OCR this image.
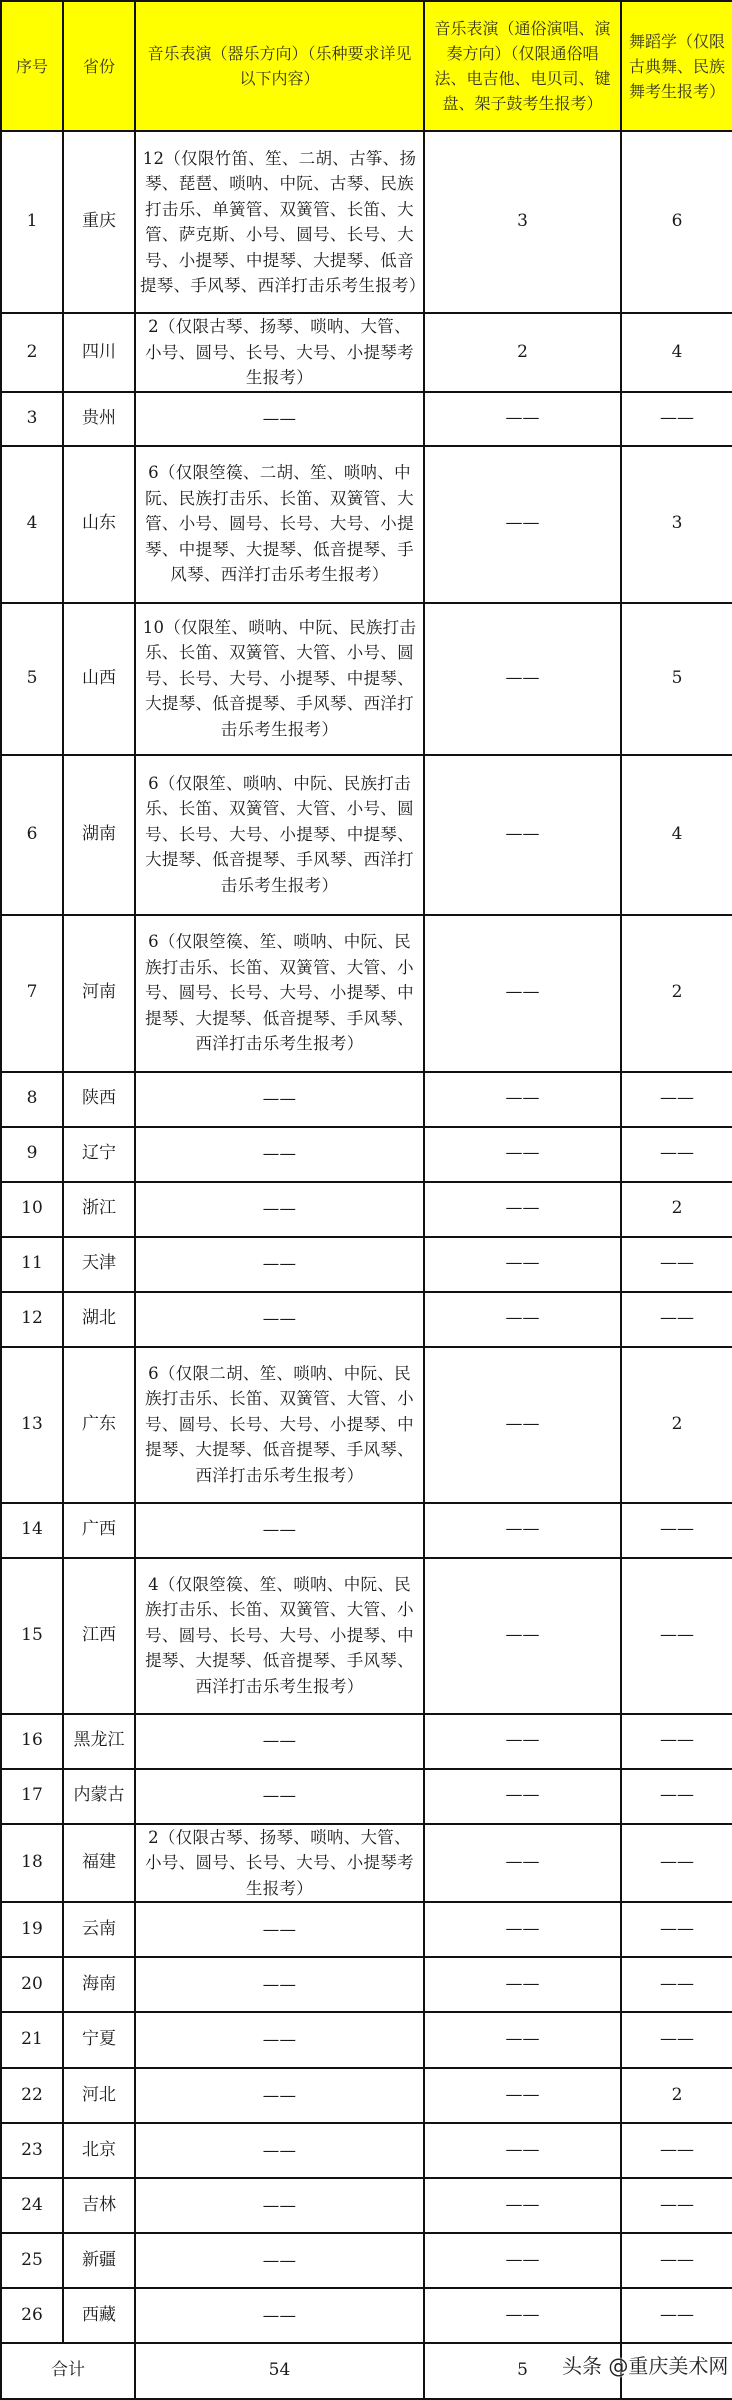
序号	省份	音乐表演（器乐方向）（乐种要求详见以下内容）	音乐表演（通俗演唱、演奏方向）（仅限通俗唱法、电吉他、电贝司、键盘、架子鼓考生报考）	舞蹈学（仅限古典舞、民族舞考生报考）
1	重庆	12（仅限竹笛、笙、二胡、古筝、扬琴、琵琶、唢呐、中阮、古琴、民族打击乐、单簧管、双簧管、长笛、大管、萨克斯、小号、圆号、长号、大号、小提琴、中提琴、大提琴、低音提琴、手风琴、西洋打击乐考生报考）	3	6
2	四川	2（仅限古琴、扬琴、唢呐、大管、小号、圆号、长号、大号、小提琴考生报考）	2	4
3	贵州	——	——	——
4	山东	6（仅限箜篌、二胡、笙、唢呐、中阮、民族打击乐、长笛、双簧管、大管、小号、圆号、长号、大号、小提琴、中提琴、大提琴、低音提琴、手风琴、西洋打击乐考生报考）	——	3
5	山西	10（仅限笙、唢呐、中阮、民族打击乐、长笛、双簧管、大管、小号、圆号、长号、大号、小提琴、中提琴、大提琴、低音提琴、手风琴、西洋打击乐考生报考）	——	5
6	湖南	6（仅限笙、唢呐、中阮、民族打击乐、长笛、双簧管、大管、小号、圆号、长号、大号、小提琴、中提琴、大提琴、低音提琴、手风琴、西洋打击乐考生报考）	——	4
7	河南	6（仅限箜篌、笙、唢呐、中阮、民族打击乐、长笛、双簧管、大管、小号、圆号、长号、大号、小提琴、中提琴、大提琴、低音提琴、手风琴、西洋打击乐考生报考）	——	2
8	陕西	——	——	——
9	辽宁	——	——	——
10	浙江	——	——	2
11	天津	——	——	——
12	湖北	——	——	——
13	广东	6（仅限二胡、笙、唢呐、中阮、民族打击乐、长笛、双簧管、大管、小号、圆号、长号、大号、小提琴、中提琴、大提琴、低音提琴、手风琴、西洋打击乐考生报考）	——	2
14	广西	——	——	——
15	江西	4（仅限箜篌、笙、唢呐、中阮、民族打击乐、长笛、双簧管、大管、小号、圆号、长号、大号、小提琴、中提琴、大提琴、低音提琴、手风琴、西洋打击乐考生报考）	——	——
16	黑龙江	——	——	——
17	内蒙古	——	——	——
18	福建	2（仅限古琴、扬琴、唢呐、大管、小号、圆号、长号、大号、小提琴考生报考）	——	——
19	云南	——	——	——
20	海南	——	——	——
21	宁夏	——	——	——
22	河北	——	——	2
23	北京	——	——	——
24	吉林	——	——	——
25	新疆	——	——	——
26	西藏	——	——	——
合计		54	5	头条 @重庆美术网
